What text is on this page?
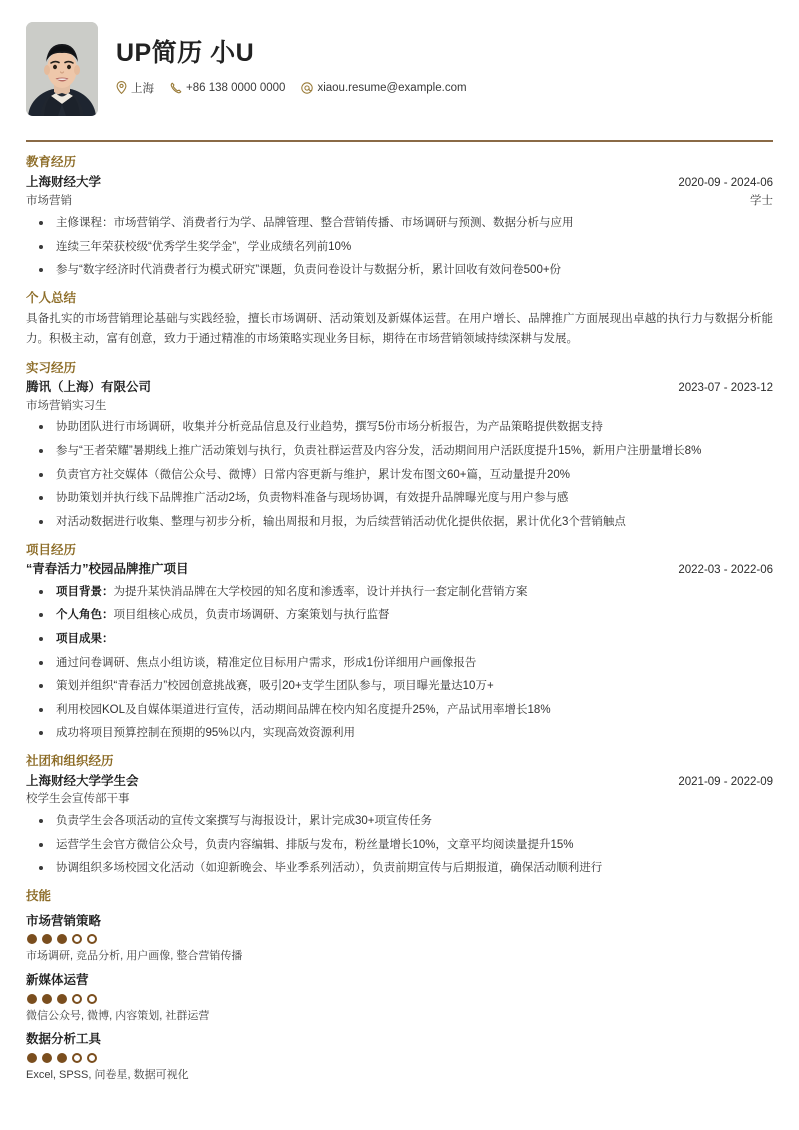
UP简历 小U
上海	+86 138 0000 0000	xiaou.resume@example.com
教育经历
上海财经大学	2020-09 - 2024-06
市场营销	学士
主修课程：市场营销学、消费者行为学、品牌管理、整合营销传播、市场调研与预测、数据分析与应用
连续三年荣获校级“优秀学生奖学金”，学业成绩名列前10%
参与“数字经济时代消费者行为模式研究”课题，负责问卷设计与数据分析，累计回收有效问卷500+份
个人总结
具备扎实的市场营销理论基础与实践经验，擅长市场调研、活动策划及新媒体运营。在用户增长、品牌推广方面展现出卓越的执行力与数据分析能力。积极主动，富有创意，致力于通过精准的市场策略实现业务目标，期待在市场营销领域持续深耕与发展。
实习经历
腾讯（上海）有限公司	2023-07 - 2023-12
市场营销实习生
协助团队进行市场调研，收集并分析竞品信息及行业趋势，撰写5份市场分析报告，为产品策略提供数据支持
参与“王者荣耀”暑期线上推广活动策划与执行，负责社群运营及内容分发，活动期间用户活跃度提升15%，新用户注册量增长8%
负责官方社交媒体（微信公众号、微博）日常内容更新与维护，累计发布图文60+篇，互动量提升20%
协助策划并执行线下品牌推广活动2场，负责物料准备与现场协调，有效提升品牌曝光度与用户参与感
对活动数据进行收集、整理与初步分析，输出周报和月报，为后续营销活动优化提供依据，累计优化3个营销触点
项目经历
“青春活力”校园品牌推广项目	2022-03 - 2022-06
项目背景：为提升某快消品牌在大学校园的知名度和渗透率，设计并执行一套定制化营销方案
个人角色：项目组核心成员，负责市场调研、方案策划与执行监督
项目成果：
通过问卷调研、焦点小组访谈，精准定位目标用户需求，形成1份详细用户画像报告
策划并组织“青春活力”校园创意挑战赛，吸引20+支学生团队参与，项目曝光量达10万+
利用校园KOL及自媒体渠道进行宣传，活动期间品牌在校内知名度提升25%，产品试用率增长18%
成功将项目预算控制在预期的95%以内，实现高效资源利用
社团和组织经历
上海财经大学学生会	2021-09 - 2022-09
校学生会宣传部干事
负责学生会各项活动的宣传文案撰写与海报设计，累计完成30+项宣传任务
运营学生会官方微信公众号，负责内容编辑、排版与发布，粉丝量增长10%，文章平均阅读量提升15%
协调组织多场校园文化活动（如迎新晚会、毕业季系列活动），负责前期宣传与后期报道，确保活动顺利进行
技能
市场营销策略
市场调研, 竞品分析, 用户画像, 整合营销传播
新媒体运营
微信公众号, 微博, 内容策划, 社群运营
数据分析工具
Excel, SPSS, 问卷星, 数据可视化
